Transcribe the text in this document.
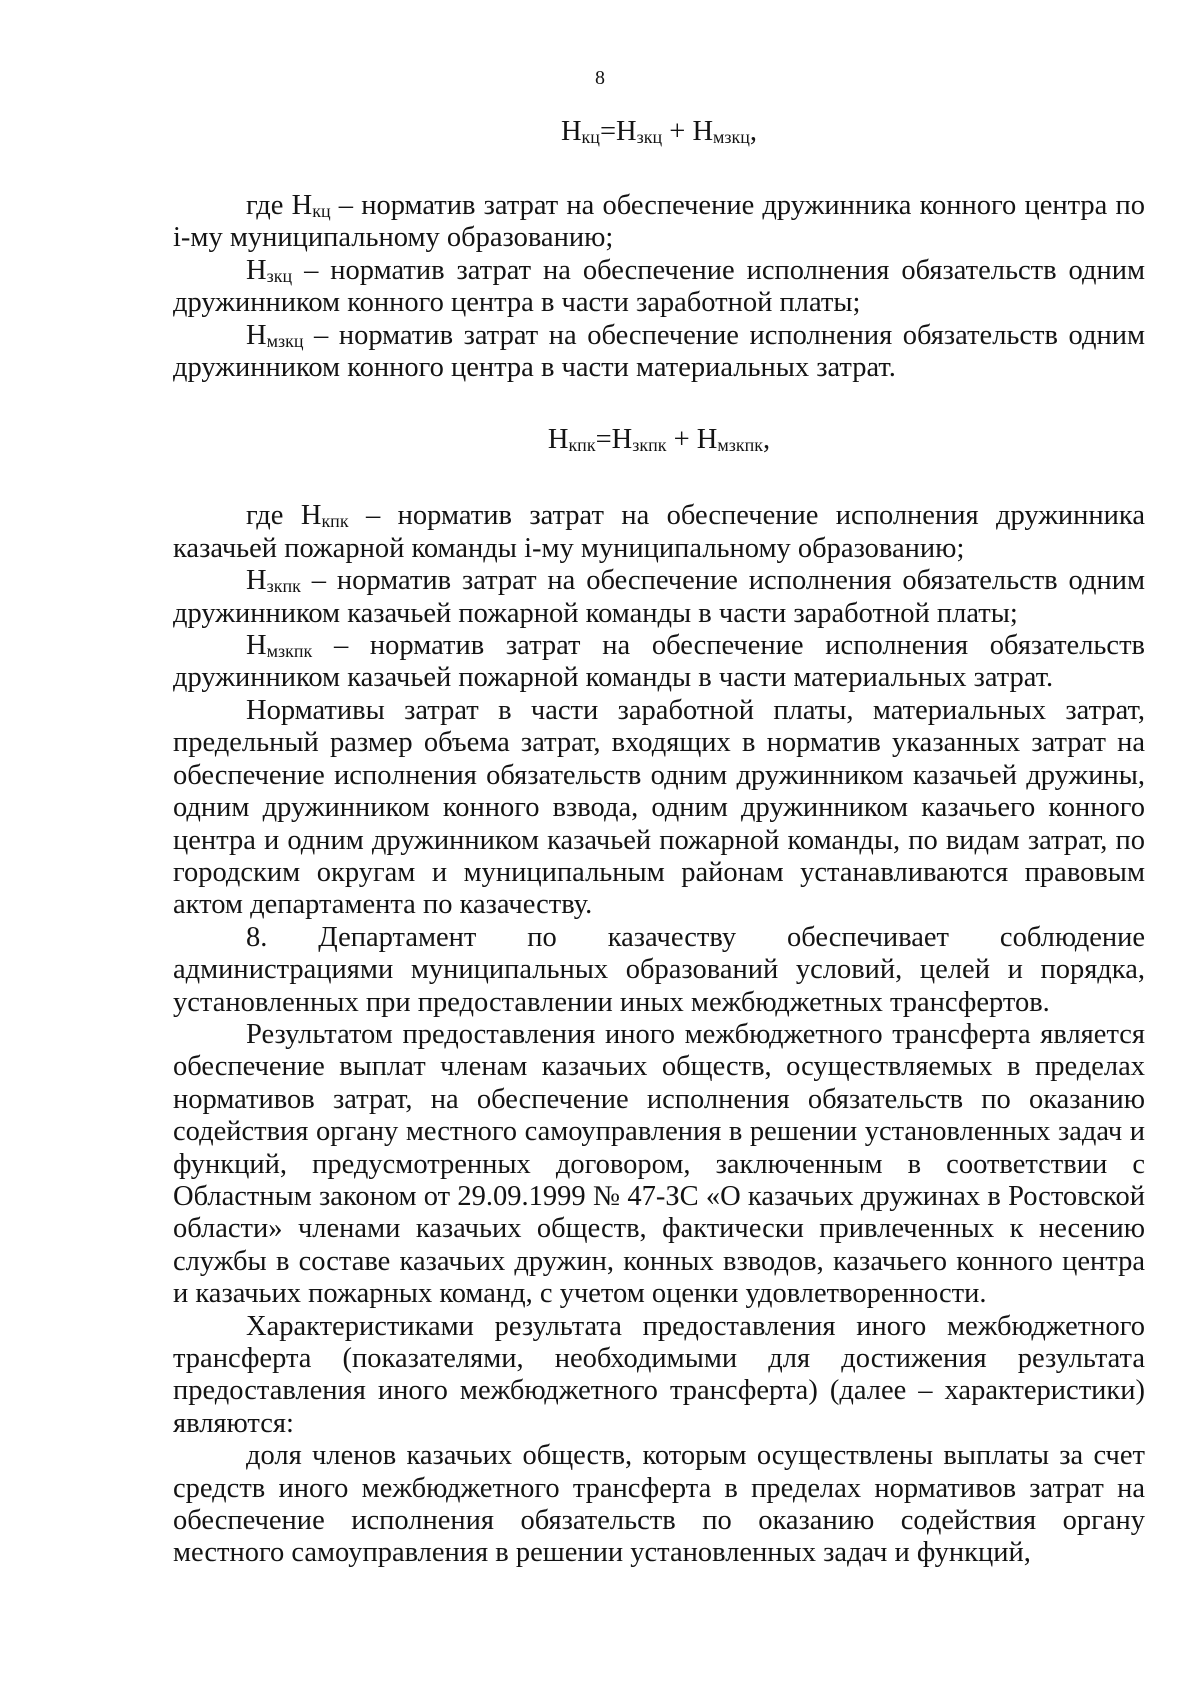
8
$Н_{кц}=Н_{зкц} + Н_{мзкц}$,

где $Н_{кц}$ – норматив затрат на обеспечение дружинника конного центра по i-му муниципальному образованию;

$Н_{зкц}$ – норматив затрат на обеспечение исполнения обязательств одним дружинником конного центра в части заработной платы;

$Н_{мзкц}$ – норматив затрат на обеспечение исполнения обязательств одним дружинником конного центра в части материальных затрат.

$Н_{кпк}=Н_{зкпк} + Н_{мзкпк}$,

где $Н_{кпк}$ – норматив затрат на обеспечение исполнения дружинника казачьей пожарной команды i-му муниципальному образованию;

$Н_{зкпк}$ – норматив затрат на обеспечение исполнения обязательств одним дружинником казачьей пожарной команды в части заработной платы;

$Н_{мзкпк}$ – норматив затрат на обеспечение исполнения обязательств дружинником казачьей пожарной команды в части материальных затрат.

Нормативы затрат в части заработной платы, материальных затрат, предельный размер объема затрат, входящих в норматив указанных затрат на обеспечение исполнения обязательств одним дружинником казачьей дружины, одним дружинником конного взвода, одним дружинником казачьего конного центра и одним дружинником казачьей пожарной команды, по видам затрат, по городским округам и муниципальным районам устанавливаются правовым актом департамента по казачеству.

8. Департамент по казачеству обеспечивает соблюдение администрациями муниципальных образований условий, целей и порядка, установленных при предоставлении иных межбюджетных трансфертов.

Результатом предоставления иного межбюджетного трансферта является обеспечение выплат членам казачьих обществ, осуществляемых в пределах нормативов затрат, на обеспечение исполнения обязательств по оказанию содействия органу местного самоуправления в решении установленных задач и функций, предусмотренных договором, заключенным в соответствии с Областным законом от 29.09.1999 № 47-ЗС «О казачьих дружинах в Ростовской области» членами казачьих обществ, фактически привлеченных к несению службы в составе казачьих дружин, конных взводов, казачьего конного центра и казачьих пожарных команд, с учетом оценки удовлетворенности.

Характеристиками результата предоставления иного межбюджетного трансферта (показателями, необходимыми для достижения результата предоставления иного межбюджетного трансферта) (далее – характеристики) являются:

доля членов казачьих обществ, которым осуществлены выплаты за счет средств иного межбюджетного трансферта в пределах нормативов затрат на обеспечение исполнения обязательств по оказанию содействия органу местного самоуправления в решении установленных задач и функций,
